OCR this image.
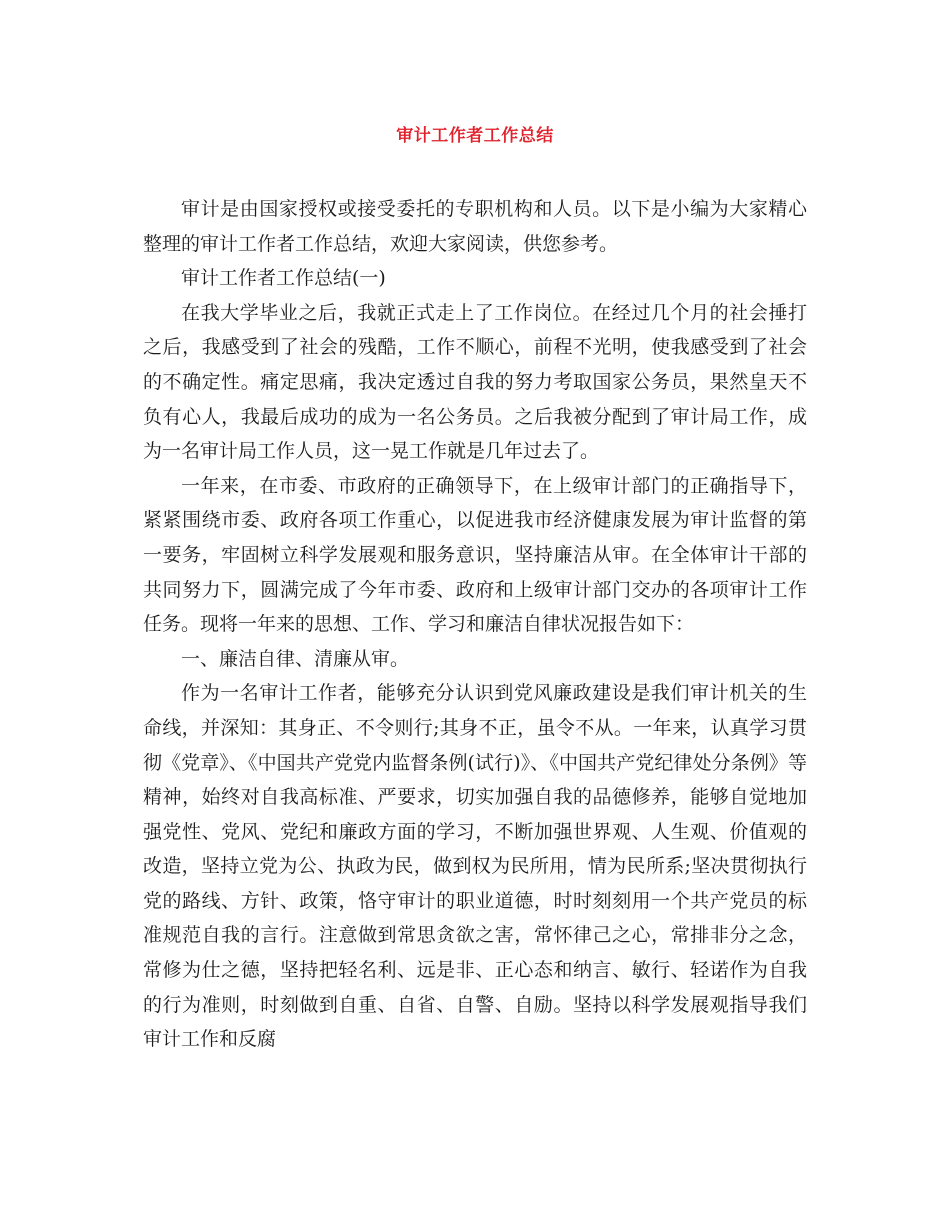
审计工作者工作总结

审计是由国家授权或接受委托的专职机构和人员。以下是小编为大家精心整理的审计工作者工作总结，欢迎大家阅读，供您参考。

审计工作者工作总结(一)

在我大学毕业之后，我就正式走上了工作岗位。在经过几个月的社会捶打之后，我感受到了社会的残酷，工作不顺心，前程不光明，使我感受到了社会的不确定性。痛定思痛，我决定透过自我的努力考取国家公务员，果然皇天不负有心人，我最后成功的成为一名公务员。之后我被分配到了审计局工作，成为一名审计局工作人员，这一晃工作就是几年过去了。

一年来，在市委、市政府的正确领导下，在上级审计部门的正确指导下，紧紧围绕市委、政府各项工作重心，以促进我市经济健康发展为审计监督的第一要务，牢固树立科学发展观和服务意识，坚持廉洁从审。在全体审计干部的共同努力下，圆满完成了今年市委、政府和上级审计部门交办的各项审计工作任务。现将一年来的思想、工作、学习和廉洁自律状况报告如下：

一、廉洁自律、清廉从审。

作为一名审计工作者，能够充分认识到党风廉政建设是我们审计机关的生命线，并深知：其身正、不令则行;其身不正，虽令不从。一年来，认真学习贯彻《党章》、《中国共产党党内监督条例(试行)》、《中国共产党纪律处分条例》等精神，始终对自我高标准、严要求，切实加强自我的品德修养，能够自觉地加强党性、党风、党纪和廉政方面的学习，不断加强世界观、人生观、价值观的改造，坚持立党为公、执政为民，做到权为民所用，情为民所系;坚决贯彻执行党的路线、方针、政策，恪守审计的职业道德，时时刻刻用一个共产党员的标准规范自我的言行。注意做到常思贪欲之害，常怀律己之心，常排非分之念，常修为仕之德，坚持把轻名利、远是非、正心态和纳言、敏行、轻诺作为自我的行为准则，时刻做到自重、自省、自警、自励。坚持以科学发展观指导我们审计工作和反腐
